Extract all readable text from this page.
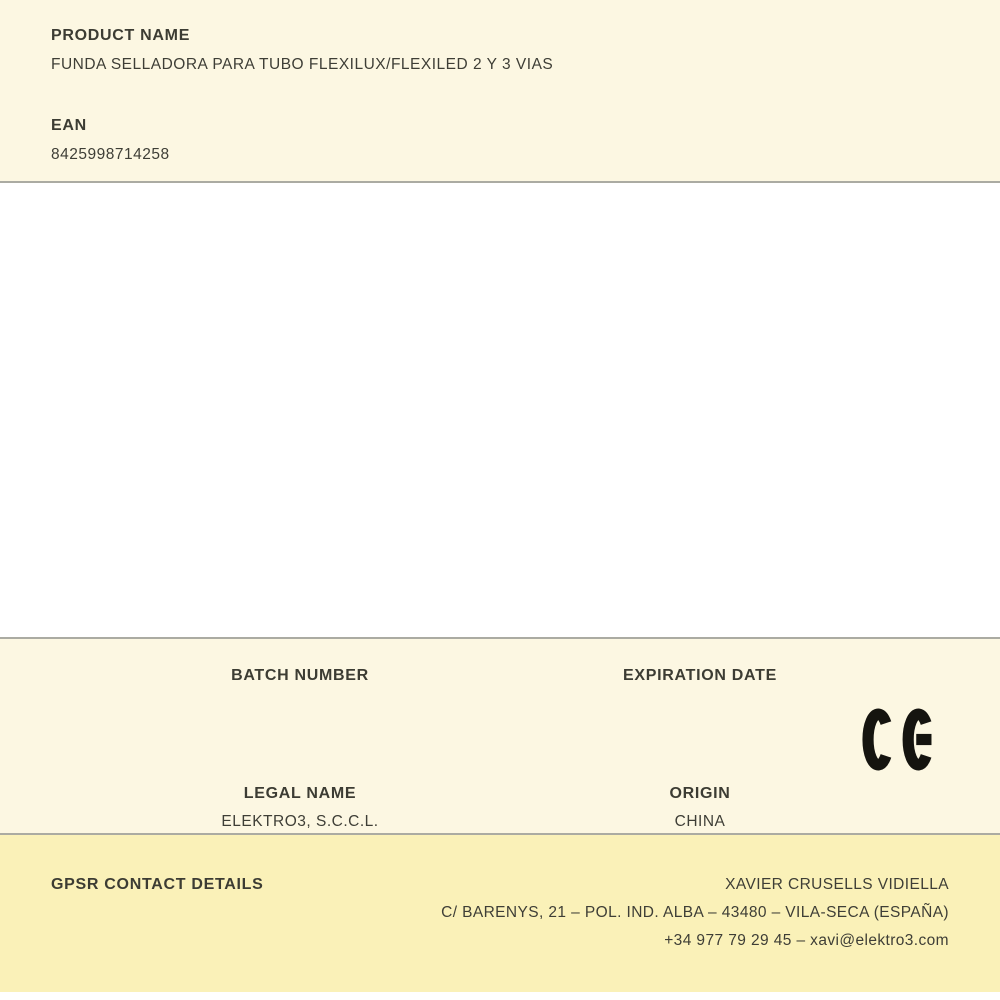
PRODUCT NAME
FUNDA SELLADORA PARA TUBO FLEXILUX/FLEXILED 2 Y 3 VIAS
EAN
8425998714258
BATCH NUMBER	EXPIRATION DATE
LEGAL NAME
ELEKTRO3, S.C.C.L.
ORIGIN
CHINA
GPSR CONTACT DETAILS	XAVIER CRUSELLS VIDIELLA
C/ BARENYS, 21 – POL. IND. ALBA – 43480 – VILA-SECA (ESPAÑA)
+34 977 79 29 45 – xavi@elektro3.com
